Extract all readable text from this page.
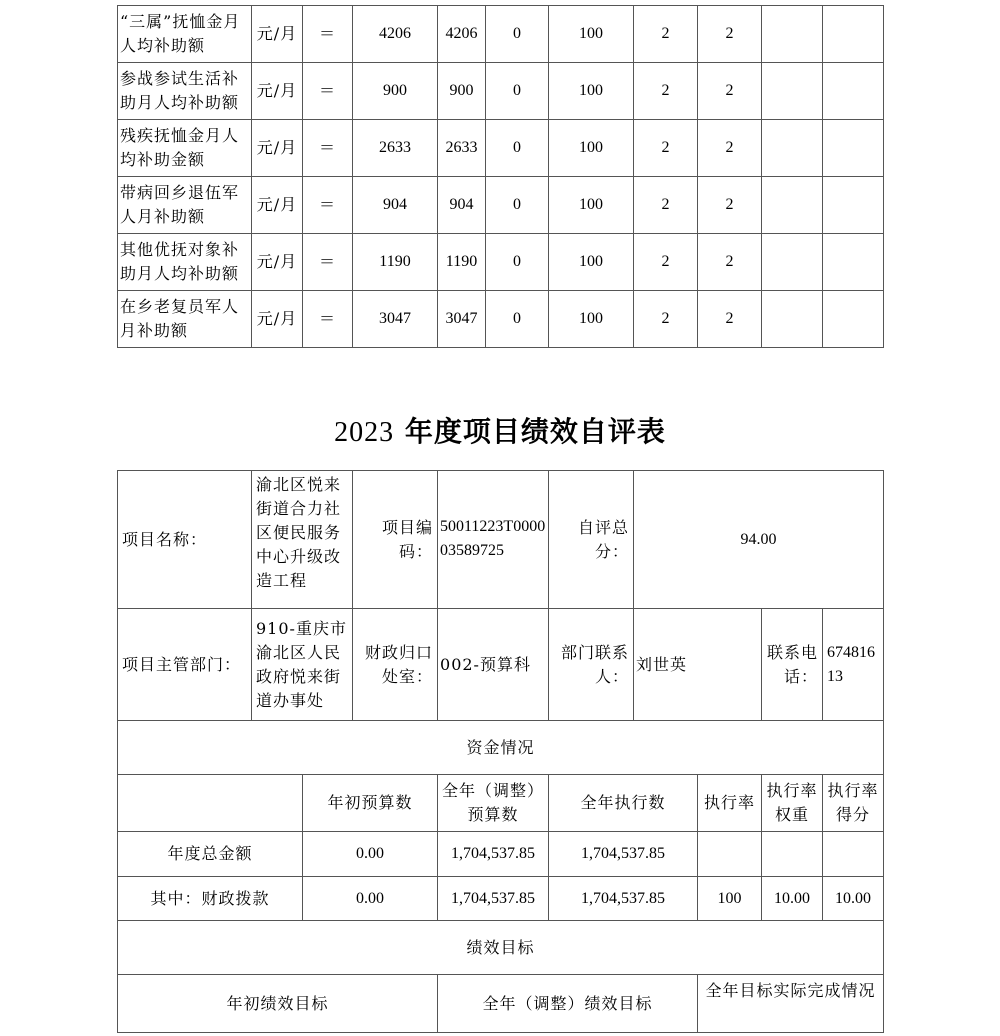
“三属”抚恤金月人均补助额	元/月	＝	4206	4206	0	100	2	2		
参战参试生活补助月人均补助额	元/月	＝	900	900	0	100	2	2		
残疾抚恤金月人均补助金额	元/月	＝	2633	2633	0	100	2	2		
带病回乡退伍军人月补助额	元/月	＝	904	904	0	100	2	2		
其他优抚对象补助月人均补助额	元/月	＝	1190	1190	0	100	2	2		
在乡老复员军人月补助额	元/月	＝	3047	3047	0	100	2	2		
2023 年度项目绩效自评表
项目名称：	渝北区悦来街道合力社区便民服务中心升级改造工程		项目编码：	500112​23T00​0003589725	自评总分：	94.00			
项目主管部门：	910-重庆市渝北区人民政府悦来街道办事处		财政归口处室：	002-预算科	部门联系人：	刘世英		联系电话：	67481613
资金情况									
		年初预算数		全年（调整）预算数	全年执行数		执行率	执行率权重	执行率得分
年度总金额		0.00		1,704,537.85	1,704,537.85				
其中：财政拨款		0.00		1,704,537.85	1,704,537.85		100	10.00	10.00
绩效目标									
年初绩效目标				全年（调整）绩效目标			全年目标实际完成情况		
